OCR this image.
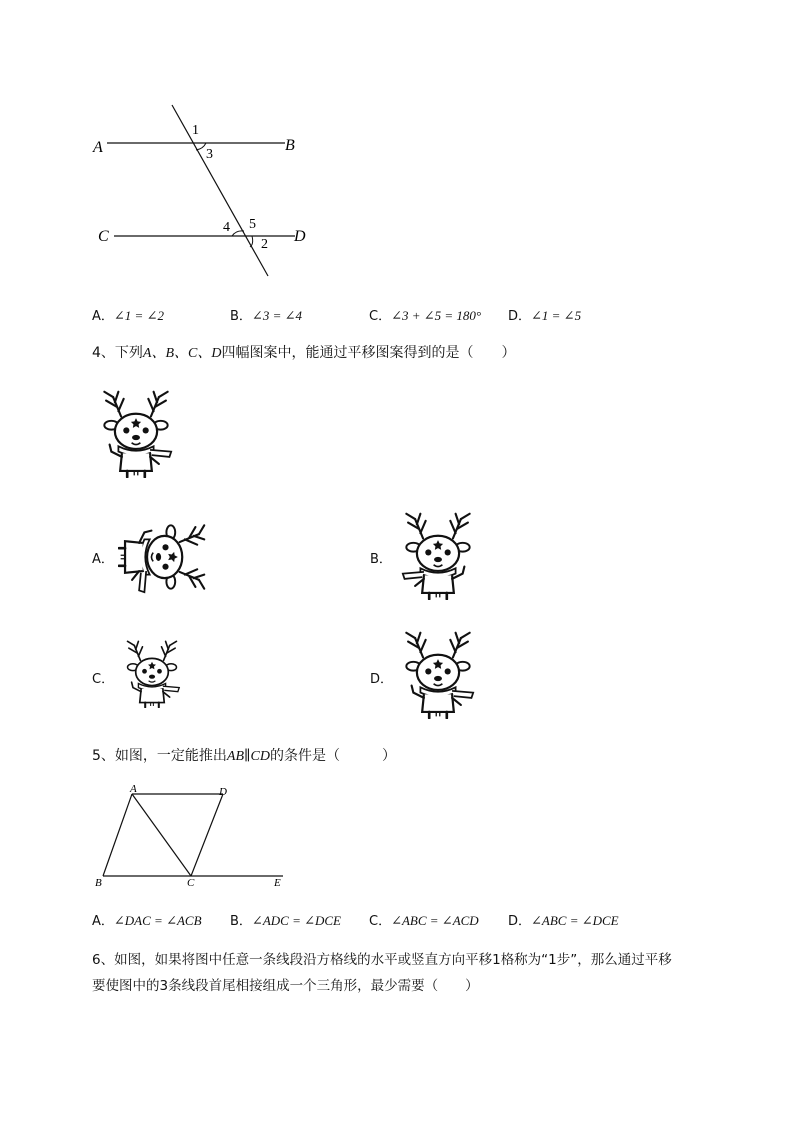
A	B
C	D
1
3
4 5
2
A．∠1 = ∠2	B．∠3 = ∠4	C．∠3 + ∠5 = 180° D．∠1 = ∠5
4、下列A、B、C、D四幅图案中，能通过平移图案得到的是（　　）
A．	B．
C．	D．
5、如图，一定能推出AB∥CD的条件是（　　　）
A	D
B	C	E
A．∠DAC = ∠ACB B．∠ADC = ∠DCE C．∠ABC = ∠ACD D．∠ABC = ∠DCE
6、如图，如果将图中任意一条线段沿方格线的水平或竖直方向平移1格称为“1步”，那么通过平移
要使图中的3条线段首尾相接组成一个三角形，最少需要（　　）
